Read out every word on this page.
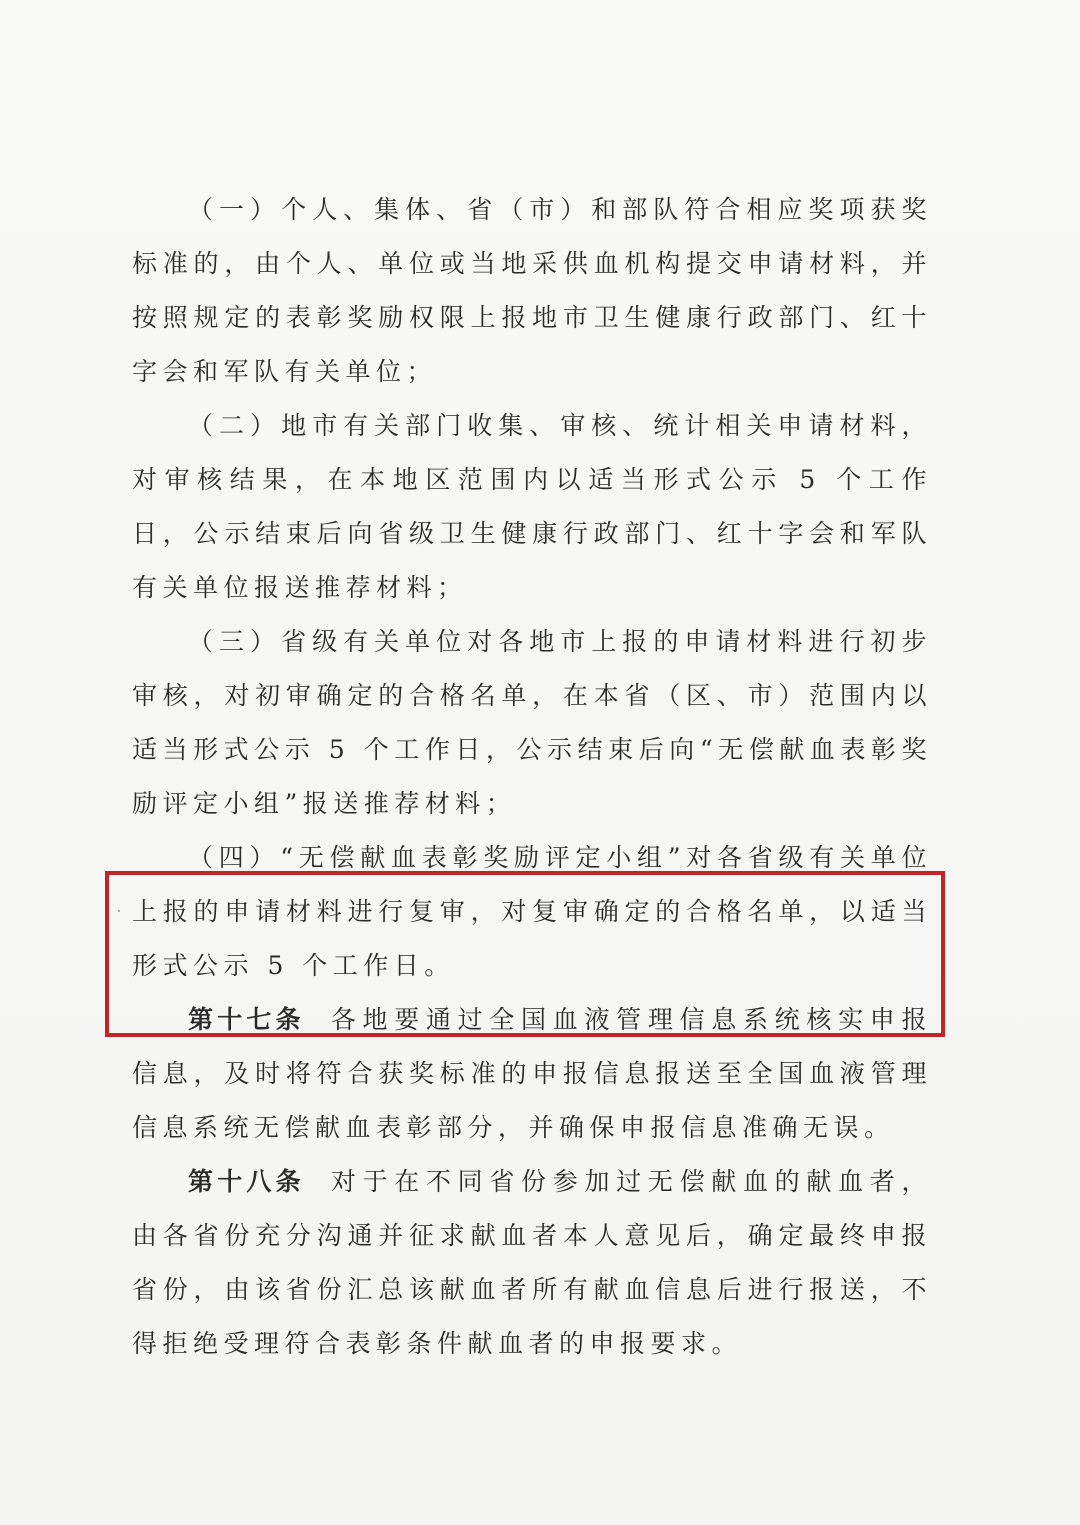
（一）个人、集体、省（市）和部队符合相应奖项获奖标准的，由个人、单位或当地采供血机构提交申请材料，并按照规定的表彰奖励权限上报地市卫生健康行政部门、红十字会和军队有关单位；

（二）地市有关部门收集、审核、统计相关申请材料，对审核结果，在本地区范围内以适当形式公示 5 个工作日，公示结束后向省级卫生健康行政部门、红十字会和军队有关单位报送推荐材料；

（三）省级有关单位对各地市上报的申请材料进行初步审核，对初审确定的合格名单，在本省（区、市）范围内以适当形式公示 5 个工作日，公示结束后向“无偿献血表彰奖励评定小组”报送推荐材料；

（四）“无偿献血表彰奖励评定小组”对各省级有关单位上报的申请材料进行复审，对复审确定的合格名单，以适当形式公示 5 个工作日。

第十七条 各地要通过全国血液管理信息系统核实申报信息，及时将符合获奖标准的申报信息报送至全国血液管理信息系统无偿献血表彰部分，并确保申报信息准确无误。

第十八条 对于在不同省份参加过无偿献血的献血者，由各省份充分沟通并征求献血者本人意见后，确定最终申报省份，由该省份汇总该献血者所有献血信息后进行报送，不得拒绝受理符合表彰条件献血者的申报要求。
